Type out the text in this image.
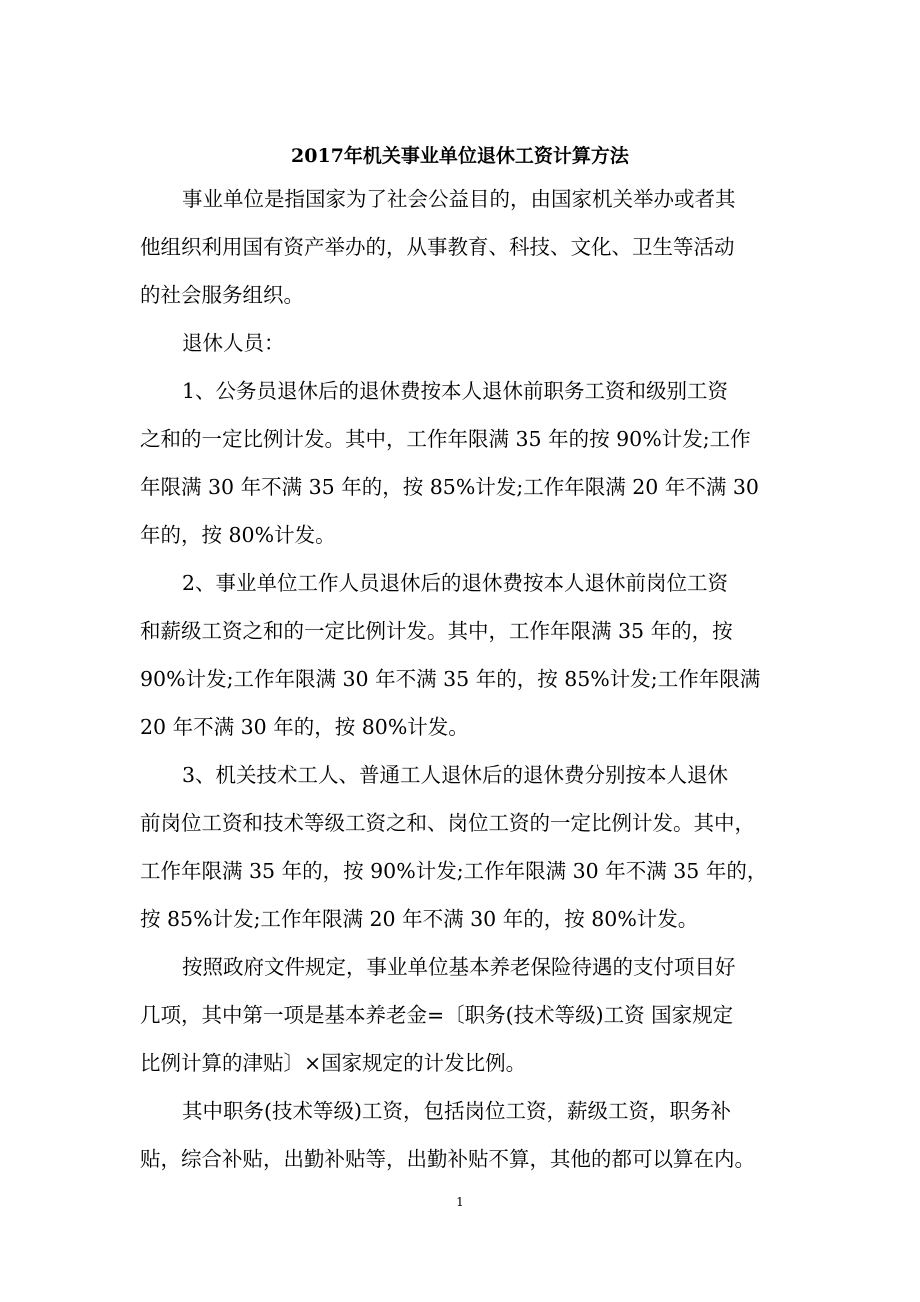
2017年机关事业单位退休工资计算方法

事业单位是指国家为了社会公益目的，由国家机关举办或者其

他组织利用国有资产举办的，从事教育、科技、文化、卫生等活动

的社会服务组织。

退休人员：

1、公务员退休后的退休费按本人退休前职务工资和级别工资

之和的一定比例计发。其中，工作年限满 35 年的按 90%计发;工作

年限满 30 年不满 35 年的，按 85%计发;工作年限满 20 年不满 30

年的，按 80%计发。

2、事业单位工作人员退休后的退休费按本人退休前岗位工资

和薪级工资之和的一定比例计发。其中，工作年限满 35 年的，按

90%计发;工作年限满 30 年不满 35 年的，按 85%计发;工作年限满

20 年不满 30 年的，按 80%计发。

3、机关技术工人、普通工人退休后的退休费分别按本人退休

前岗位工资和技术等级工资之和、岗位工资的一定比例计发。其中，

工作年限满 35 年的，按 90%计发;工作年限满 30 年不满 35 年的，

按 85%计发;工作年限满 20 年不满 30 年的，按 80%计发。

按照政府文件规定，事业单位基本养老保险待遇的支付项目好

几项，其中第一项是基本养老金=〔职务(技术等级)工资 国家规定

比例计算的津贴〕×国家规定的计发比例。

其中职务(技术等级)工资，包括岗位工资，薪级工资，职务补

贴，综合补贴，出勤补贴等，出勤补贴不算，其他的都可以算在内。

1
